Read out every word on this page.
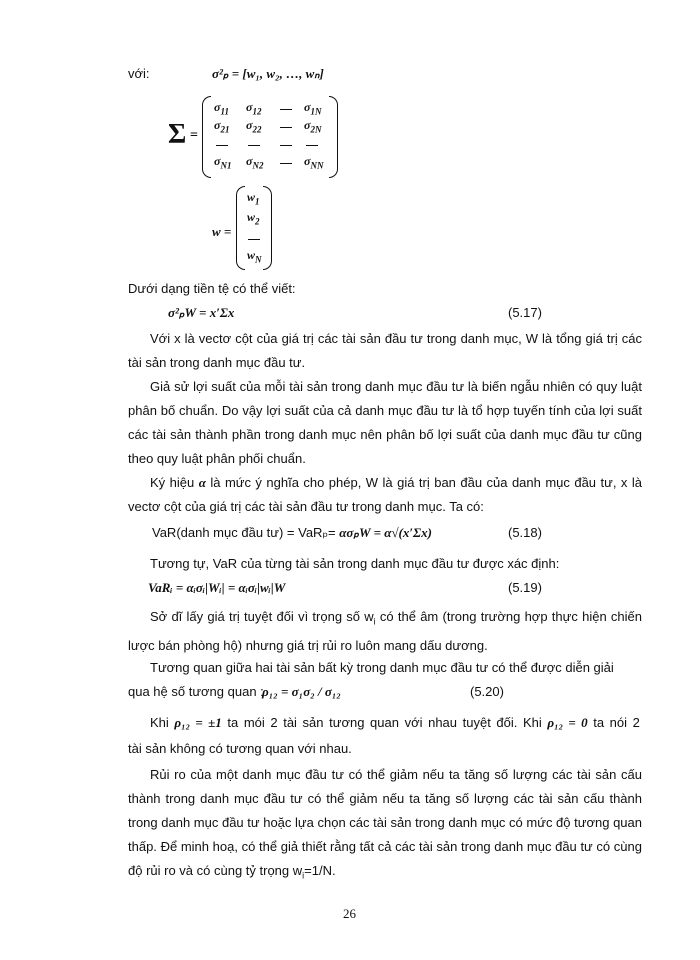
với:	σ²ₚ = [w₁, w₂, …, wₙ]
Σ =
$\sigma_{11}$ $\sigma_{12}$	$\sigma_{1N}$
$\sigma_{21}$ $\sigma_{22}$	$\sigma_{2N}$
$\sigma_{N1}$ $\sigma_{N2}$	$\sigma_{NN}$
w =
$w_1$
$w_2$
$w_N$
Dưới dạng tiền tệ có thể viết:
σ²ₚW = x′Σx	(5.17)
Với x là vectơ cột của giá trị các tài sản đầu tư trong danh mục, W là tổng giá trị các tài sản trong danh mục đầu tư.
Giả sử lợi suất của mỗi tài sản trong danh mục đầu tư là biến ngẫu nhiên có quy luật phân bố chuẩn. Do vậy lợi suất của cả danh mục đầu tư là tổ hợp tuyến tính của lợi suất các tài sản thành phần trong danh mục nên phân bố lợi suất của danh mục đầu tư cũng theo quy luật phân phối chuẩn.
Ký hiệu α là mức ý nghĩa cho phép, W là giá trị ban đầu của danh mục đầu tư, x là vectơ cột của giá trị các tài sản đầu tư trong danh mục. Ta có:
VaR(danh mục đầu tư) = VaRₚ= ασₚW = α√(x′Σx)	(5.18)
Tương tự, VaR của từng tài sản trong danh mục đầu tư được xác định:
VaRᵢ = αᵢσᵢ|Wᵢ| = αᵢσᵢ|wᵢ|W	(5.19)
Sở dĩ lấy giá trị tuyệt đối vì trọng số $w_i$ có thể âm (trong trường hợp thực hiện chiến lược bán phòng hộ) nhưng giá trị rủi ro luôn mang dấu dương.
Tương quan giữa hai tài sản bất kỳ trong danh mục đầu tư có thể được diễn giải
qua hệ số tương quan :
ρ₁₂ = σ₁σ₂ / σ₁₂	(5.20)
Khi ρ₁₂ = ±1 ta mói 2 tài sản tương quan với nhau tuyệt đối. Khi ρ₁₂ = 0 ta nói 2
tài sản không có tương quan với nhau.
Rủi ro của một danh mục đầu tư có thể giảm nếu ta tăng số lượng các tài sản cấu thành trong danh mục đầu tư có thể giảm nếu ta tăng số lượng các tài sản cấu thành trong danh mục đầu tư hoặc lựa chọn các tài sản trong danh mục có mức độ tương quan thấp. Để minh hoạ, có thể giả thiết rằng tất cả các tài sản trong danh mục đầu tư có cùng độ rủi ro và có cùng tỷ trọng $w_i=1/N$.
26
